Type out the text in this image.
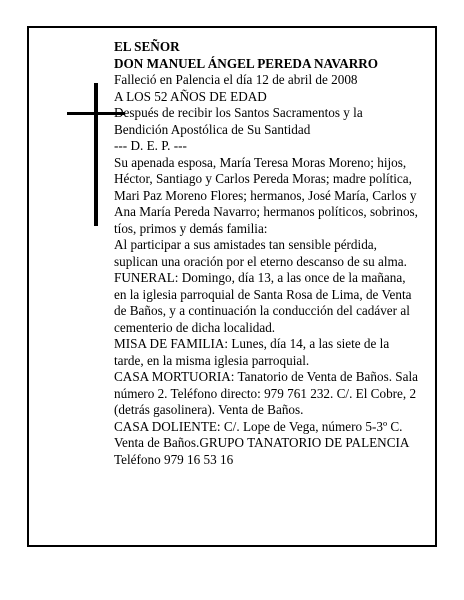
EL SEÑOR

DON MANUEL ÁNGEL PEREDA NAVARRO

Falleció en Palencia el día 12 de abril de 2008

A LOS 52 AÑOS DE EDAD

Después de recibir los Santos Sacramentos y la Bendición Apostólica de Su Santidad

--- D. E. P. ---

Su apenada esposa, María Teresa Moras Moreno; hijos, Héctor, Santiago y Carlos Pereda Moras; madre política, Mari Paz Moreno Flores; hermanos, José María, Carlos y Ana María Pereda Navarro; hermanos políticos, sobrinos, tíos, primos y demás familia:

Al participar a sus amistades tan sensible pérdida, suplican una oración por el eterno descanso de su alma.

FUNERAL: Domingo, día 13, a las once de la mañana, en la iglesia parroquial de Santa Rosa de Lima, de Venta de Baños, y a continuación la conducción del cadáver al cementerio de dicha localidad.

MISA DE FAMILIA: Lunes, día 14, a las siete de la tarde, en la misma iglesia parroquial.

CASA MORTUORIA: Tanatorio de Venta de Baños. Sala número 2. Teléfono directo: 979 761 232. C/. El Cobre, 2 (detrás gasolinera). Venta de Baños.

CASA DOLIENTE: C/. Lope de Vega, número 5-3º C. Venta de Baños.GRUPO TANATORIO DE PALENCIA

Teléfono 979 16 53 16
